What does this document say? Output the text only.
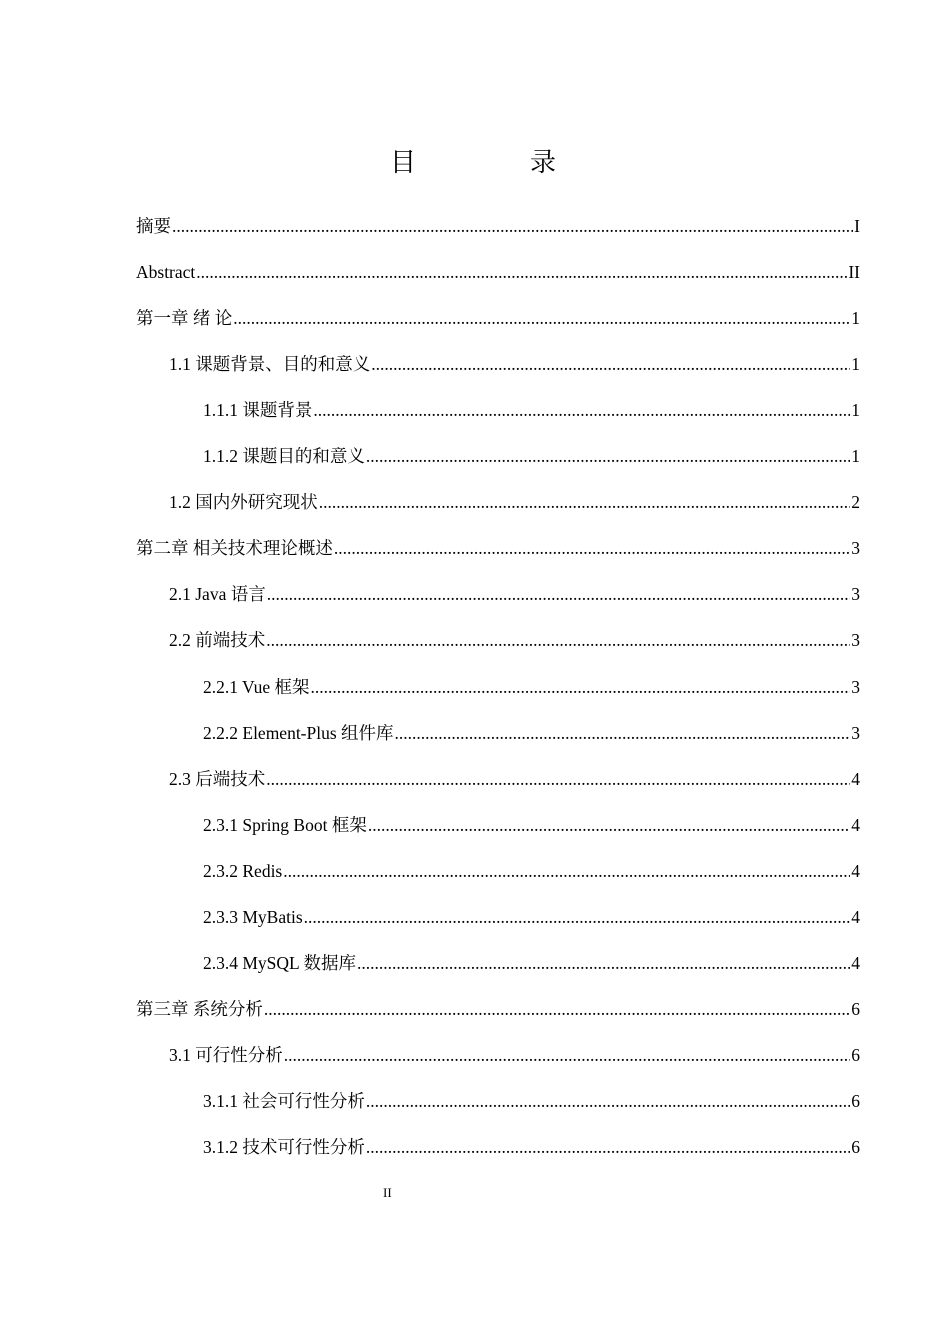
目　录
摘要 .....	I
Abstract .....	II
第一章 绪 论 .....	1
1.1 课题背景、目的和意义 .....	1
1.1.1 课题背景 .....	1
1.1.2 课题目的和意义 .....	1
1.2 国内外研究现状 .....	2
第二章 相关技术理论概述 .....	3
2.1 Java 语言 .....	3
2.2 前端技术 .....	3
2.2.1 Vue 框架 .....	3
2.2.2 Element-Plus 组件库 .....	3
2.3 后端技术 .....	4
2.3.1 Spring Boot 框架 .....	4
2.3.2 Redis .....	4
2.3.3 MyBatis .....	4
2.3.4 MySQL 数据库 .....	4
第三章 系统分析 .....	6
3.1 可行性分析 .....	6
3.1.1 社会可行性分析 .....	6
3.1.2 技术可行性分析 .....	6
II
